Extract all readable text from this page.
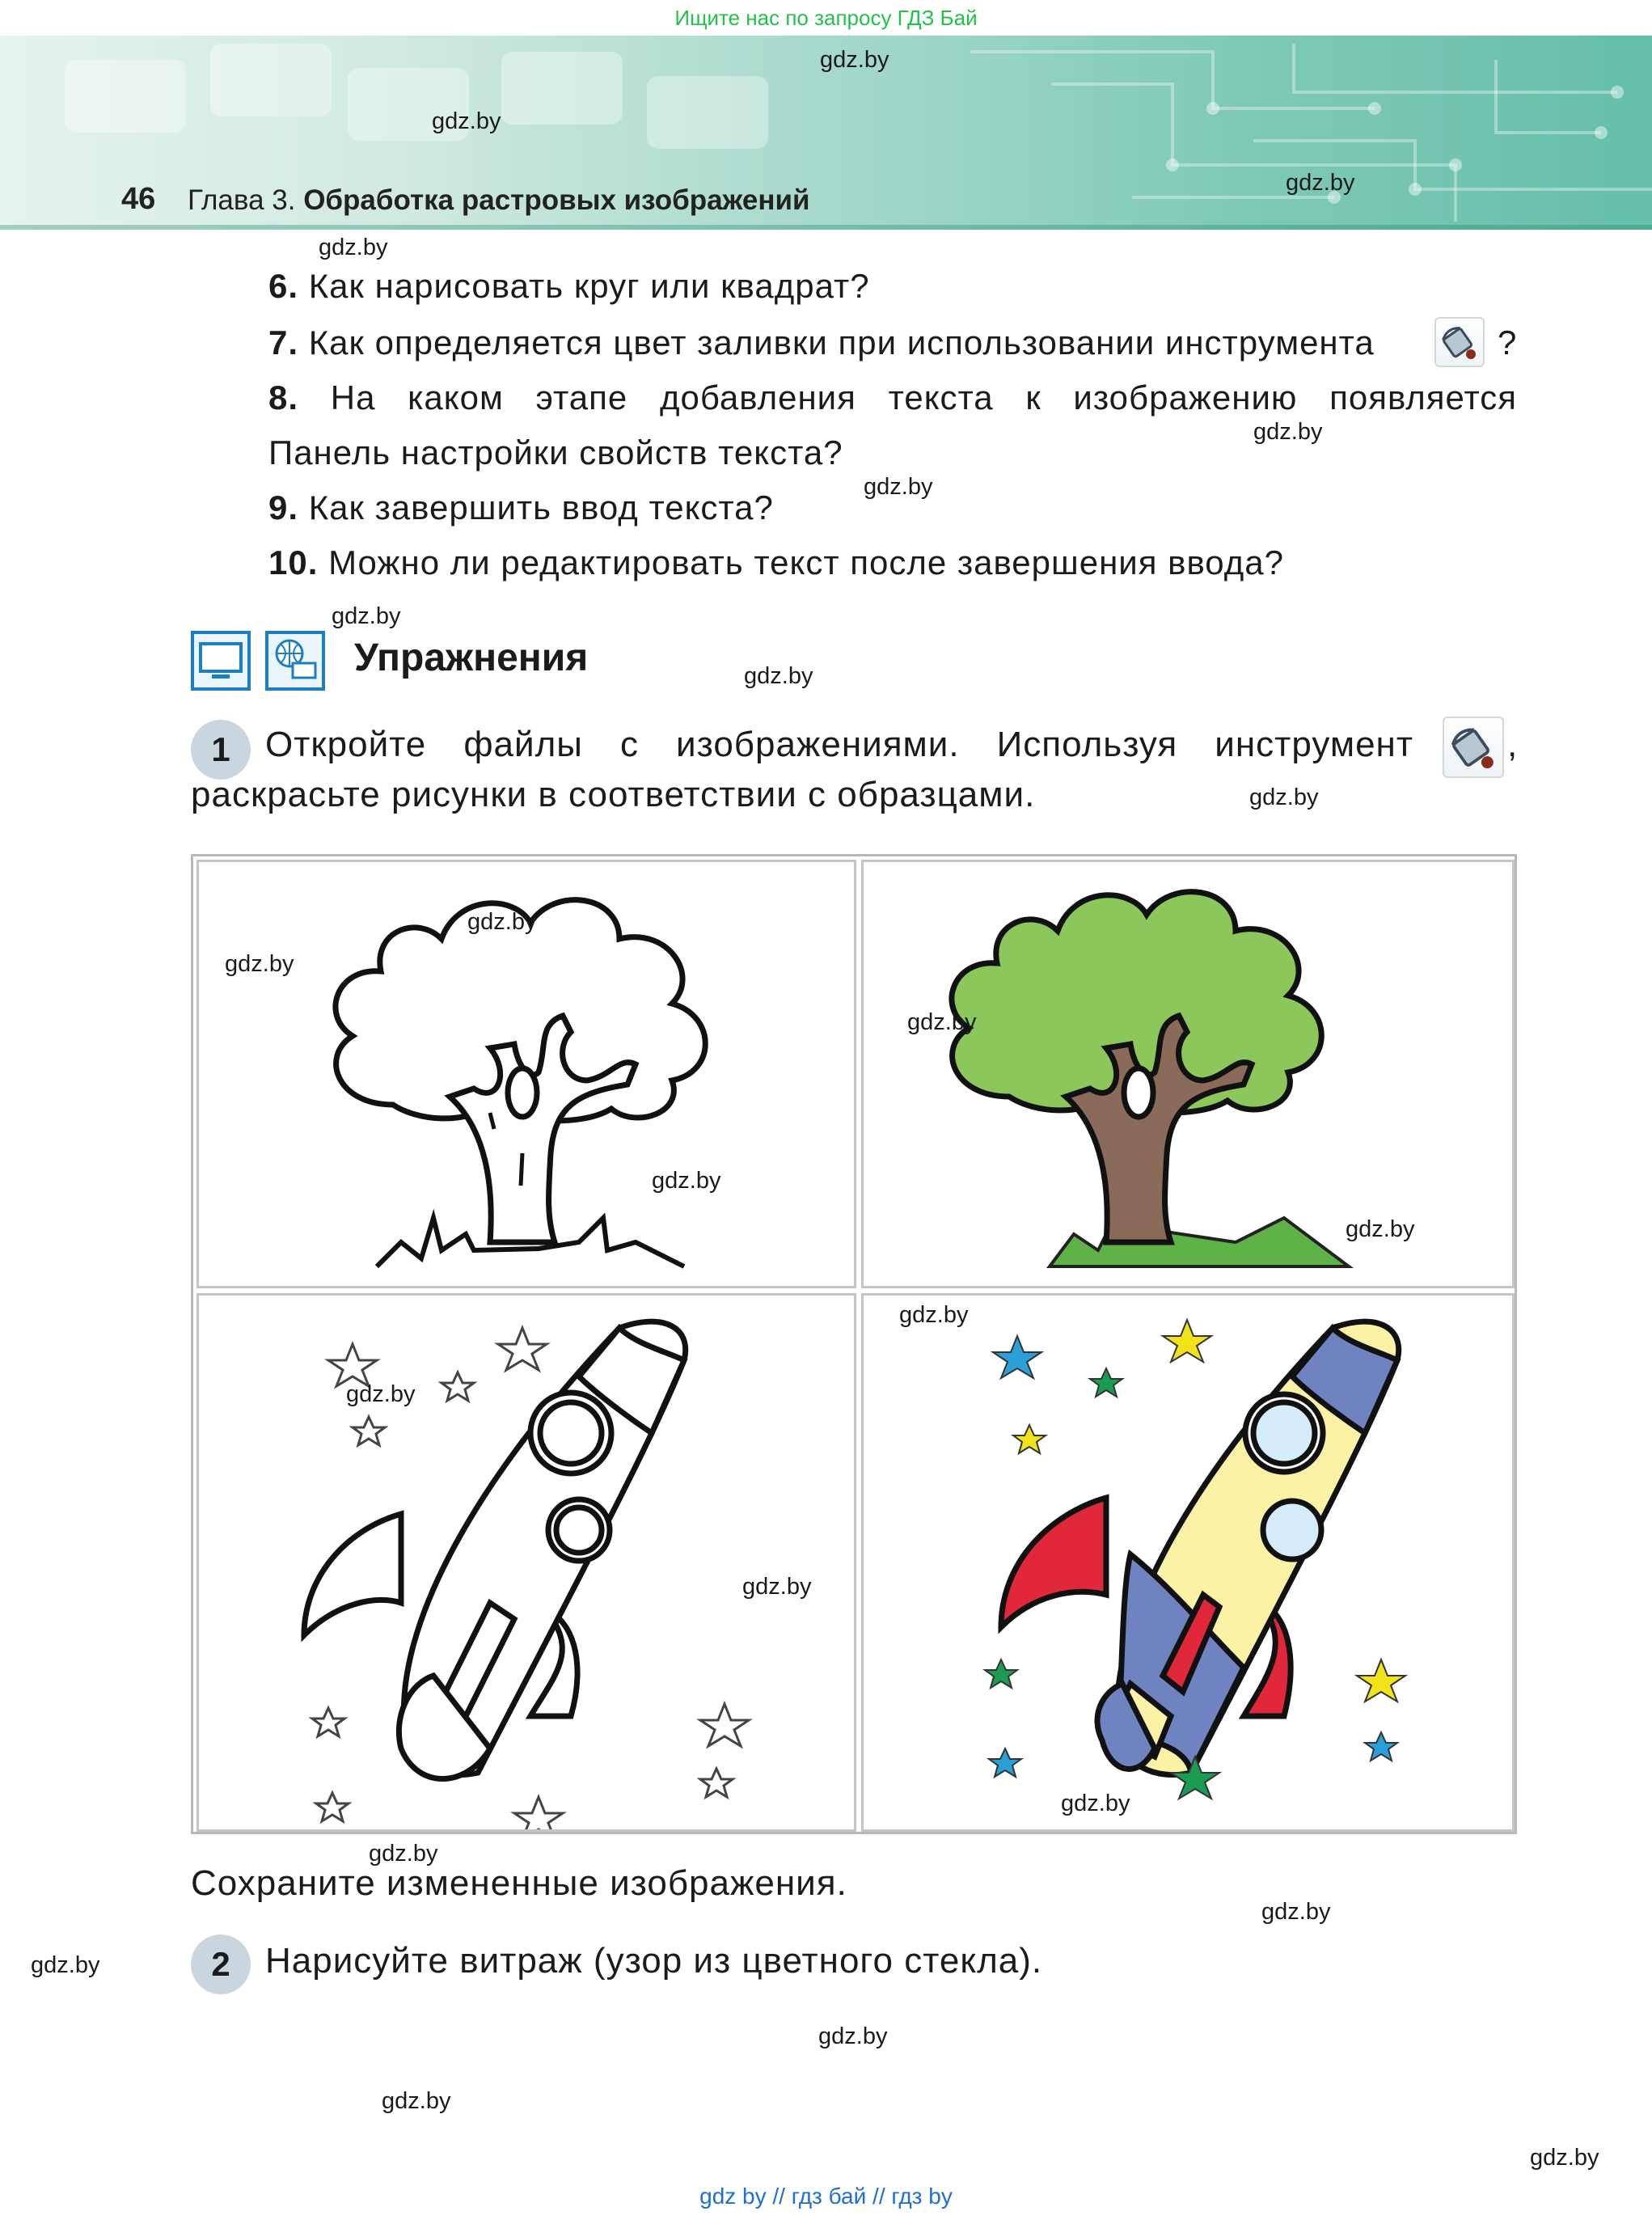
Ищите нас по запросу ГДЗ Бай
46 Глава 3. Обработка растровых изображений
6. Как нарисовать круг или квадрат?
7. Как определяется цвет заливки при использовании инструмента	?
8. На каком этапе добавления текста к изображению появляется
Панель настройки свойств текста?
9. Как завершить ввод текста?
10. Можно ли редактировать текст после завершения ввода?
Упражнения
1 Откройте файлы с изображениями. Используя инструмент	,
раскрасьте рисунки в соответствии с образцами.
Сохраните измененные изображения.
2 Нарисуйте витраж (узор из цветного стекла).
gdz.by
gdz.by
gdz.by
gdz.by
gdz.by
gdz.by
gdz.by
gdz.by
gdz.by
gdz.by
gdz.by
gdz.by
gdz.by
gdz.by
gdz.by
gdz.by
gdz.by
gdz.by
gdz.by
gdz.by
gdz.by
gdz.by
gdz.by
gdz.by
gdz by // гдз бай // гдз by
